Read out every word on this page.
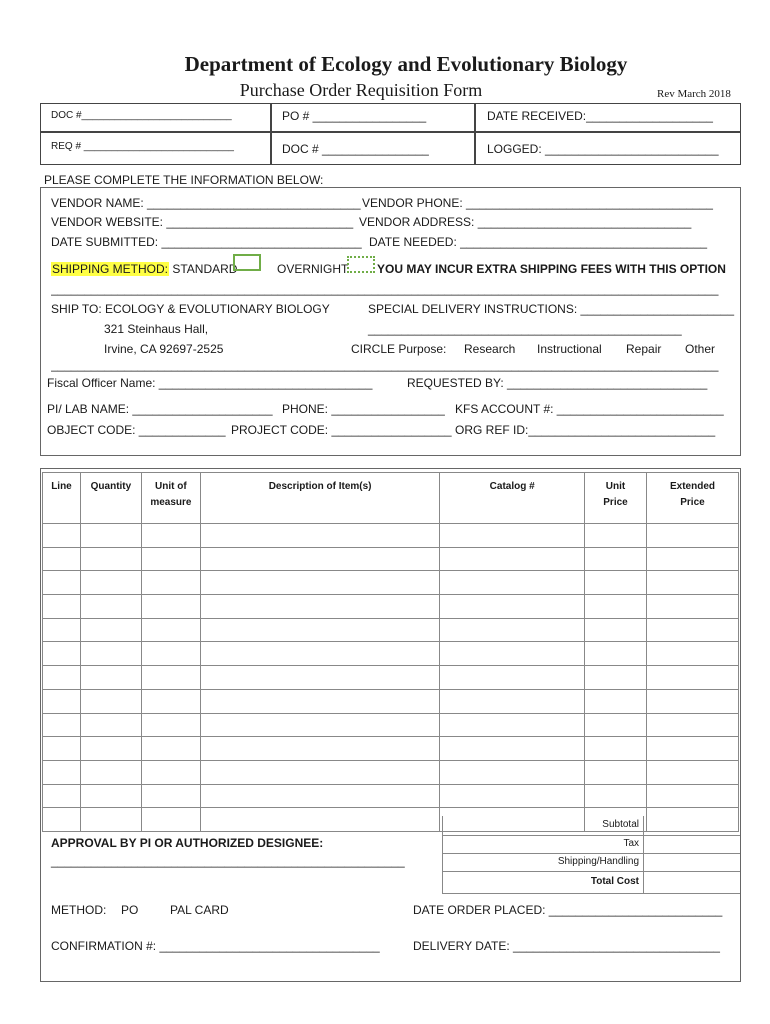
Department of Ecology and Evolutionary Biology
Purchase Order Requisition Form	Rev March 2018
DOC #___________________________	PO # _________________	DATE RECEIVED:___________________
REQ # ___________________________	DOC # ________________	LOGGED: __________________________
PLEASE COMPLETE THE INFORMATION BELOW:
VENDOR NAME: ________________________________ VENDOR PHONE: _____________________________________
VENDOR WEBSITE: ____________________________ VENDOR ADDRESS: ________________________________
DATE SUBMITTED: ______________________________ DATE NEEDED: _____________________________________
SHIPPING METHOD: STANDARD	OVERNIGHT YOU MAY INCUR EXTRA SHIPPING FEES WITH THIS OPTION
____________________________________________________________________________________________________
SHIP TO: ECOLOGY & EVOLUTIONARY BIOLOGY
321 Steinhaus Hall,
Irvine, CA 92697-2525
SPECIAL DELIVERY INSTRUCTIONS: _______________________
_______________________________________________
CIRCLE Purpose: Research Instructional Repair Other
____________________________________________________________________________________________________
Fiscal Officer Name: ________________________________	REQUESTED BY: ______________________________
PI/ LAB NAME: _____________________ PHONE: _________________ KFS ACCOUNT #: _________________________
OBJECT CODE: _____________ PROJECT CODE: __________________ ORG REF ID:____________________________
Line	Quantity	Unit of measure	Description of Item(s)	Catalog #	Unit Price	Extended Price

Subtotal
Tax
Shipping/Handling
Total Cost
APPROVAL BY PI OR AUTHORIZED DESIGNEE:
_____________________________________________________
METHOD: PO	PAL CARD	DATE ORDER PLACED: __________________________
CONFIRMATION #: _________________________________	DELIVERY DATE: _______________________________
